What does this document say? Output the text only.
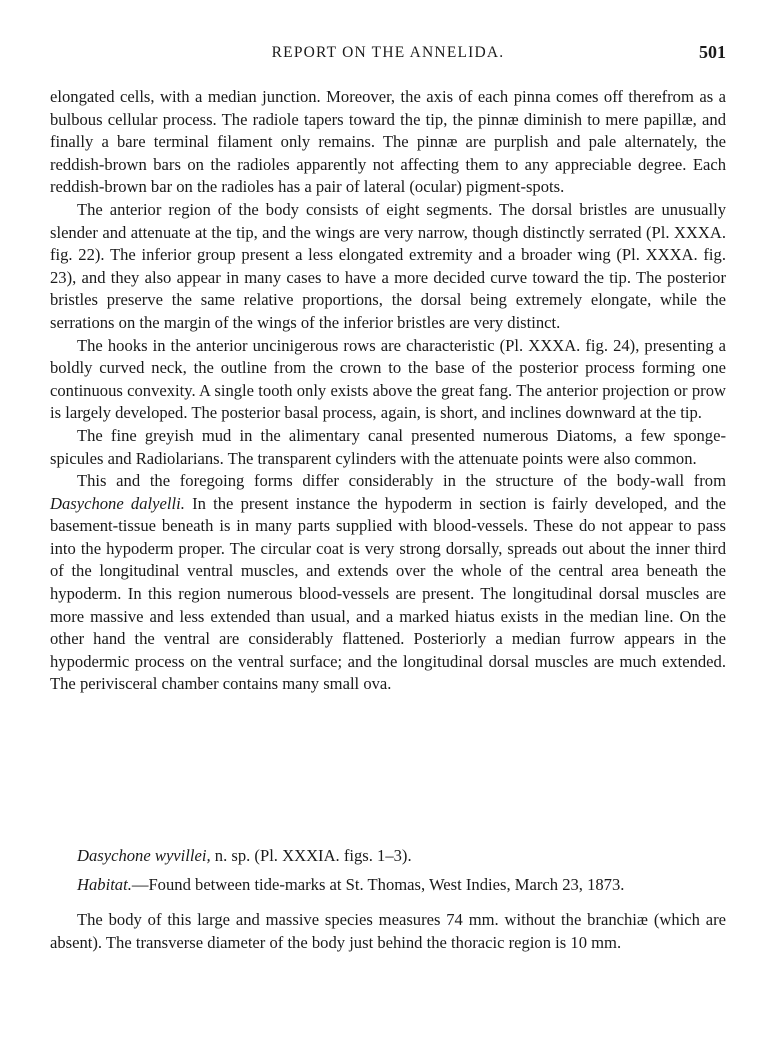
REPORT ON THE ANNELIDA.	501

elongated cells, with a median junction. Moreover, the axis of each pinna comes off therefrom as a bulbous cellular process. The radiole tapers toward the tip, the pinnæ diminish to mere papillæ, and finally a bare terminal filament only remains. The pinnæ are purplish and pale alternately, the reddish-brown bars on the radioles apparently not affecting them to any appreciable degree. Each reddish-brown bar on the radioles has a pair of lateral (ocular) pigment-spots.

The anterior region of the body consists of eight segments. The dorsal bristles are unusually slender and attenuate at the tip, and the wings are very narrow, though distinctly serrated (Pl. XXXA. fig. 22). The inferior group present a less elongated extremity and a broader wing (Pl. XXXA. fig. 23), and they also appear in many cases to have a more decided curve toward the tip. The posterior bristles preserve the same relative proportions, the dorsal being extremely elongate, while the serrations on the margin of the wings of the inferior bristles are very distinct.

The hooks in the anterior uncinigerous rows are characteristic (Pl. XXXA. fig. 24), presenting a boldly curved neck, the outline from the crown to the base of the posterior process forming one continuous convexity. A single tooth only exists above the great fang. The anterior projection or prow is largely developed. The posterior basal process, again, is short, and inclines downward at the tip.

The fine greyish mud in the alimentary canal presented numerous Diatoms, a few sponge-spicules and Radiolarians. The transparent cylinders with the attenuate points were also common.

This and the foregoing forms differ considerably in the structure of the body-wall from Dasychone dalyelli. In the present instance the hypoderm in section is fairly developed, and the basement-tissue beneath is in many parts supplied with blood-vessels. These do not appear to pass into the hypoderm proper. The circular coat is very strong dorsally, spreads out about the inner third of the longitudinal ventral muscles, and extends over the whole of the central area beneath the hypoderm. In this region numerous blood-vessels are present. The longitudinal dorsal muscles are more massive and less extended than usual, and a marked hiatus exists in the median line. On the other hand the ventral are considerably flattened. Posteriorly a median furrow appears in the hypodermic process on the ventral surface; and the longitudinal dorsal muscles are much extended. The perivisceral chamber contains many small ova.

Dasychone wyvillei, n. sp. (Pl. XXXIA. figs. 1–3).

Habitat.—Found between tide-marks at St. Thomas, West Indies, March 23, 1873.

The body of this large and massive species measures 74 mm. without the branchiæ (which are absent). The transverse diameter of the body just behind the thoracic region is 10 mm.
